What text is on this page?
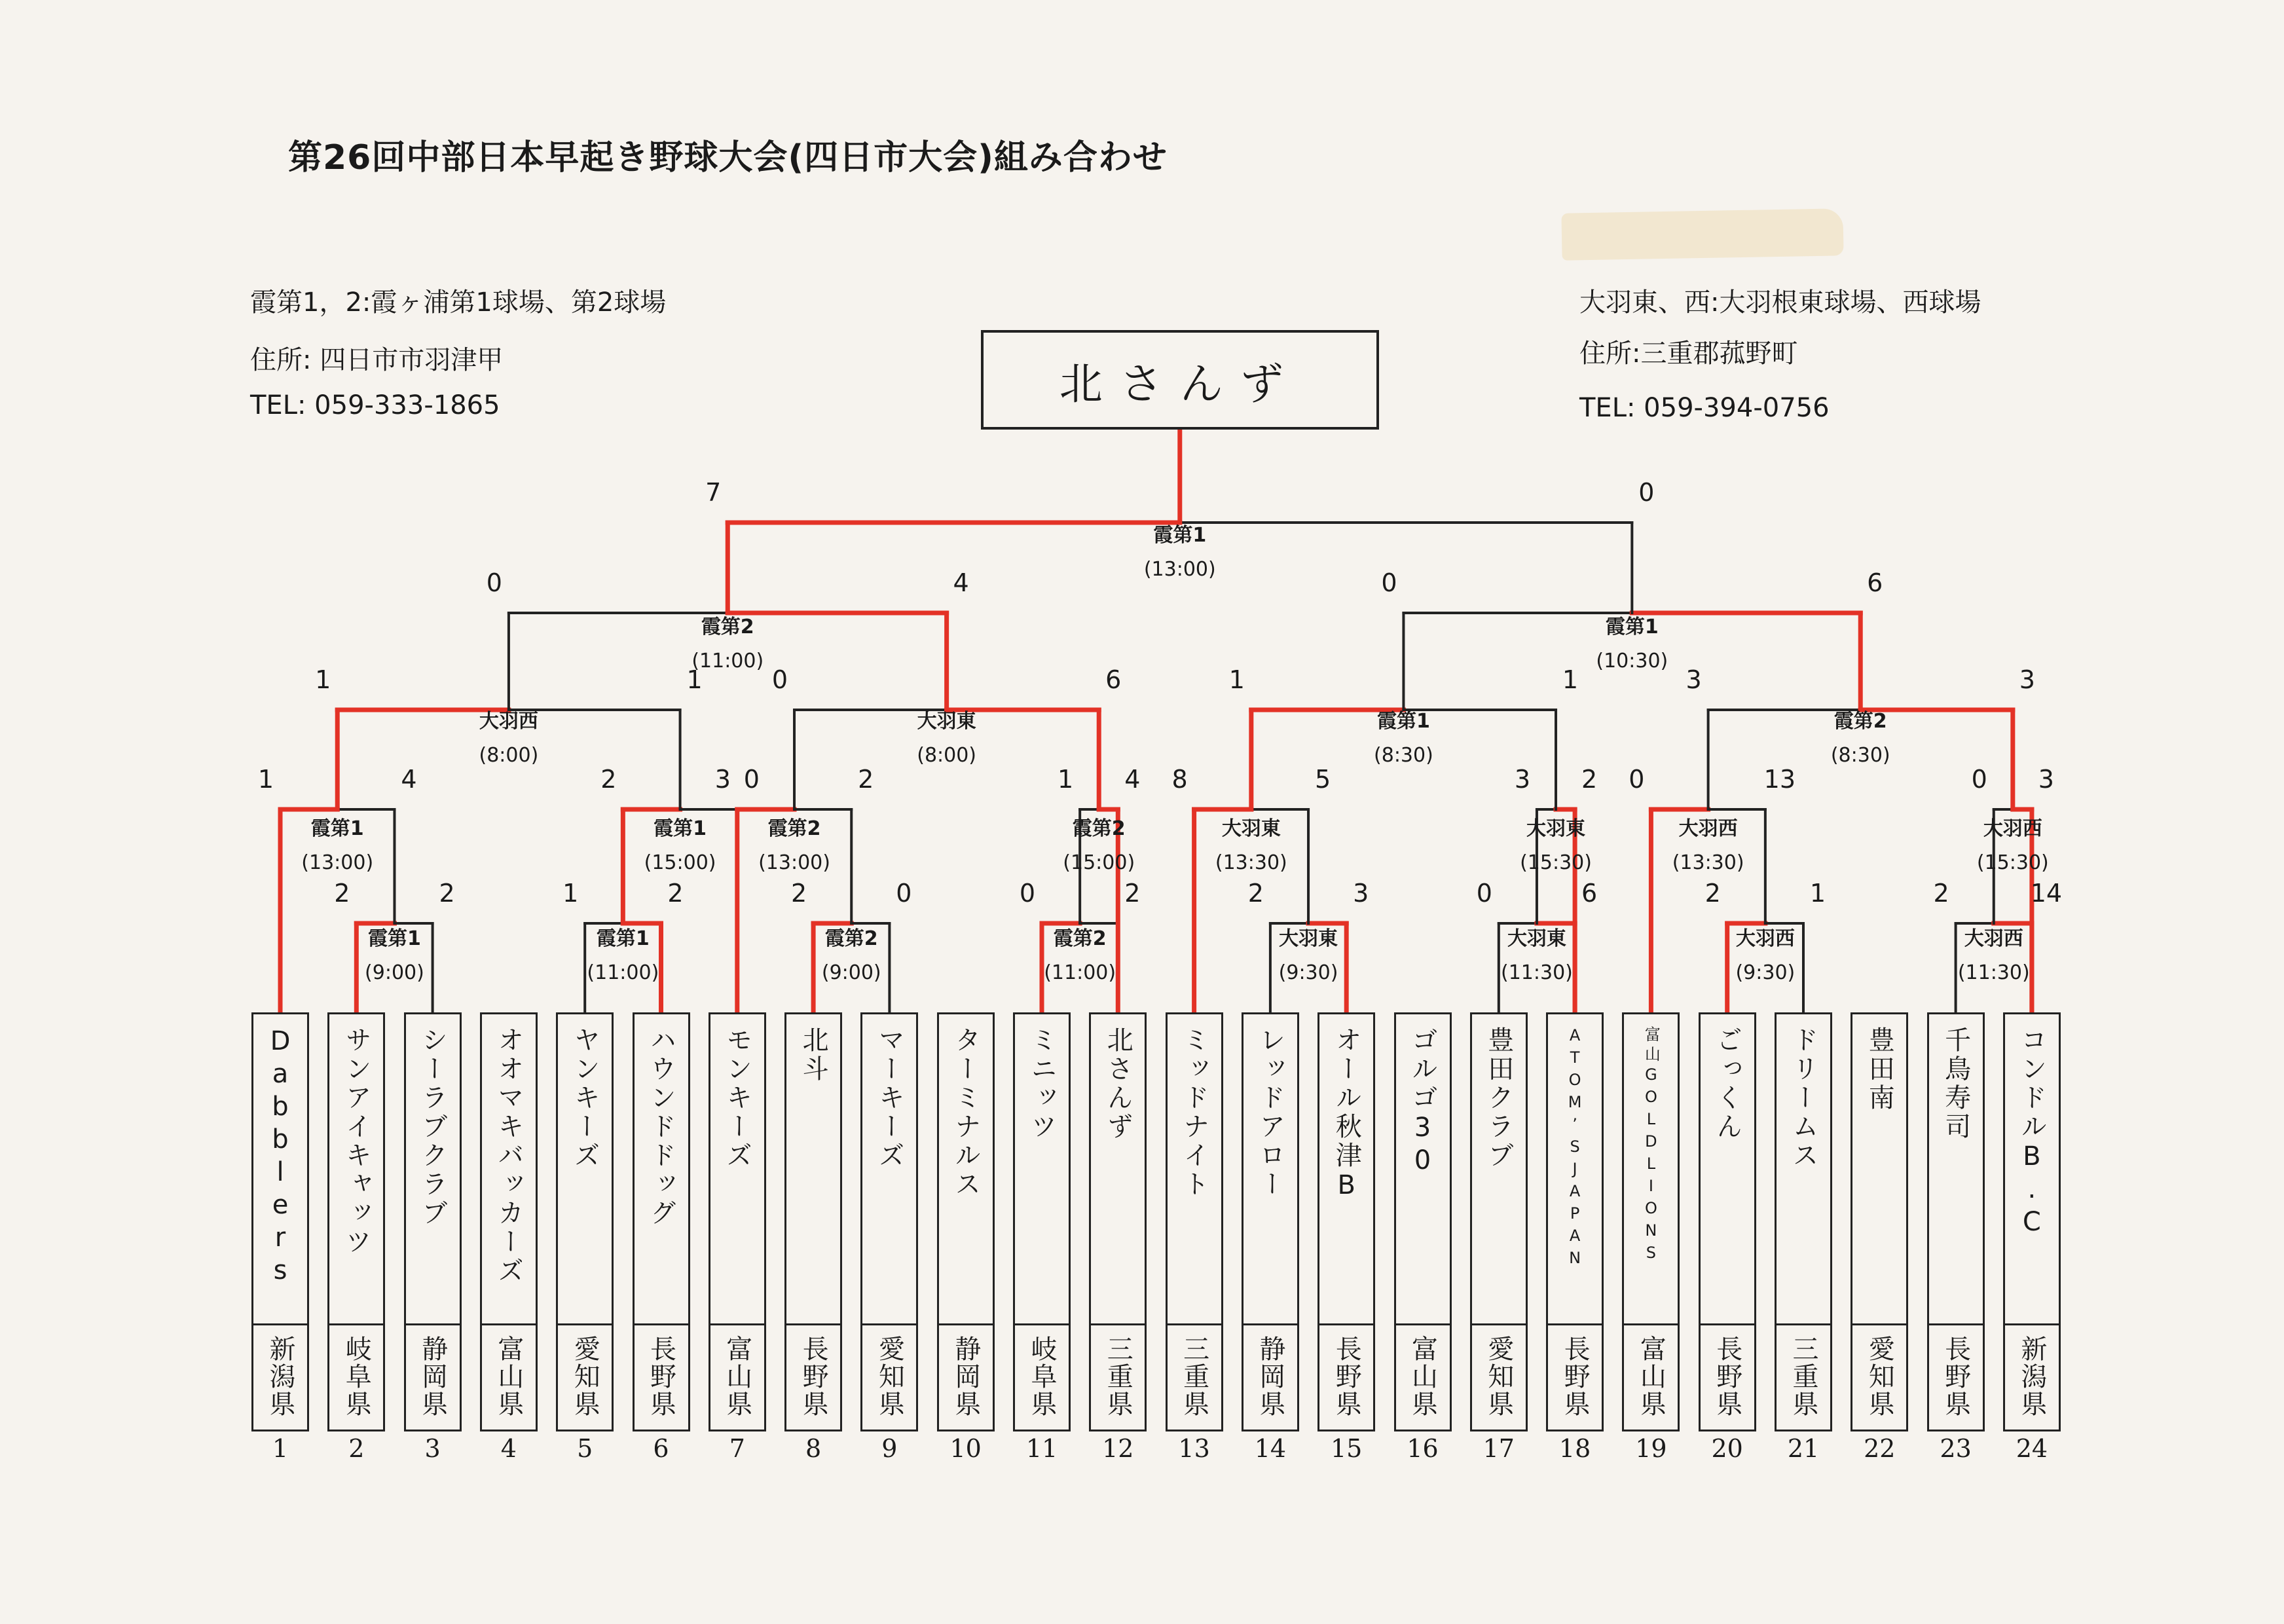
第26回中部日本早起き野球大会(四日市大会)組み合わせ
霞第1，2:霞ヶ浦第1球場、第2球場
住所: 四日市市羽津甲
TEL: 059-333-1865
大羽東、西:大羽根東球場、西球場
住所:三重郡菰野町
TEL: 059-394-0756
北さんず
Dabblers
新潟県
1
サンアイキャッツ
岐阜県
2
シーラブクラブ
静岡県
3
オオマキバッカーズ
富山県
4
ヤンキーズ
愛知県
5
ハウンドドッグ
長野県
6
モンキーズ
富山県
7
北斗
長野県
8
マーキーズ
愛知県
9
ターミナルス
静岡県
10
ミニッツ
岐阜県
11
北さんず
三重県
12
ミッドナイト
三重県
13
レッドアロー
静岡県
14
オール秋津B
長野県
15
ゴルゴ30
富山県
16
豊田クラブ
愛知県
17
ATOM’SJAPAN
長野県
18
富山GOLDLIONS
富山県
19
ごっくん
長野県
20
ドリームス
三重県
21
豊田南
愛知県
22
千鳥寿司
長野県
23
コンドルB.C
新潟県
24
霞第1
(9:00)
2	2
霞第1
(11:00)
1	2
霞第2
(9:00)
2	0
霞第2
(11:00)
0	2
大羽東
(9:30)
2	3
大羽東
(11:30)
0	6
大羽西
(9:30)
2	1
大羽西
(11:30)
2	14
霞第1
(13:00)
1	4
霞第1
(15:00)
2	0
霞第2
(13:00)
3	2
霞第2
(15:00)
1 4
大羽東
(13:30)
8	5
大羽東
(15:30)
3 2
大羽西
(13:30)
0	13
大羽西
(15:30)
0 3
大羽西
(8:00)
1	1
大羽東
(8:00)
0	6
霞第1
(8:30)
1	1
霞第2
(8:30)
3	3
霞第2
(11:00)
0	4
霞第1
(10:30)
0	6
霞第1
(13:00)
7	0
